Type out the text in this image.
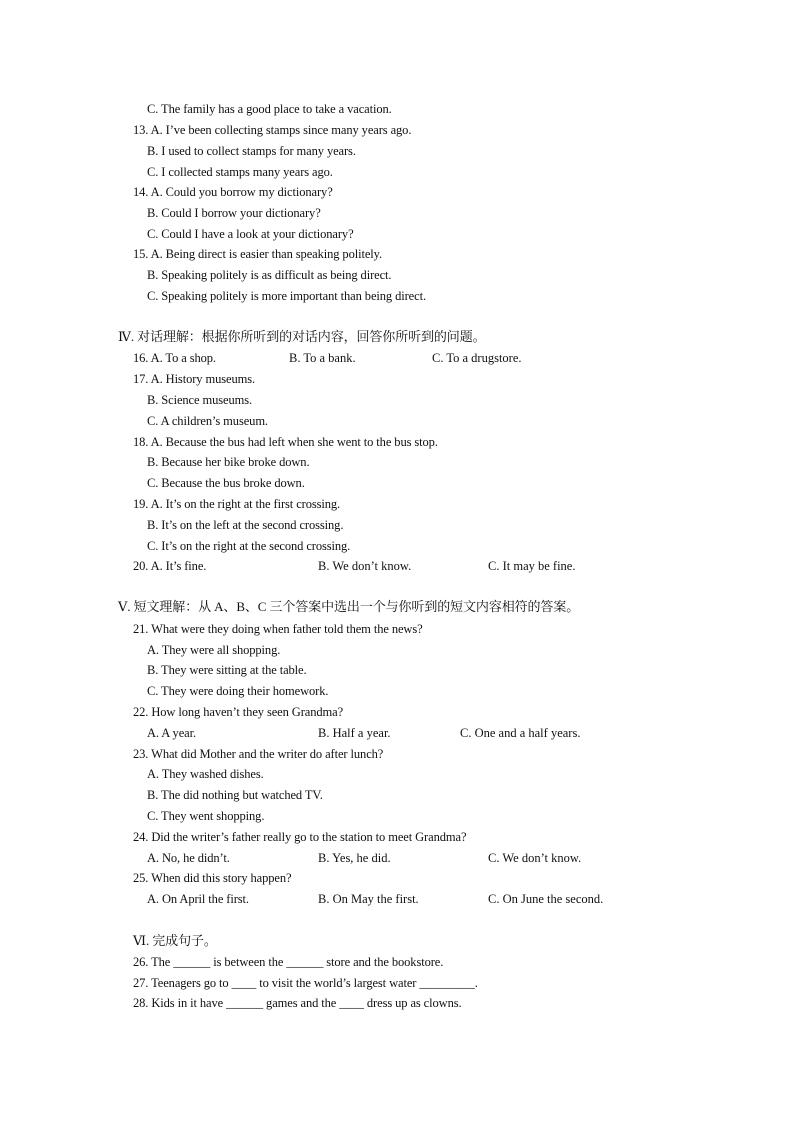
C. The family has a good place to take a vacation.
13. A. I’ve been collecting stamps since many years ago.
B. I used to collect stamps for many years.
C. I collected stamps many years ago.
14. A. Could you borrow my dictionary?
B. Could I borrow your dictionary?
C. Could I have a look at your dictionary?
15. A. Being direct is easier than speaking politely.
B. Speaking politely is as difficult as being direct.
C. Speaking politely is more important than being direct.
Ⅳ. 对话理解：根据你所听到的对话内容，回答你所听到的问题。
16. A. To a shop.	B. To a bank.	C. To a drugstore.
17. A. History museums.
B. Science museums.
C. A children’s museum.
18. A. Because the bus had left when she went to the bus stop.
B. Because her bike broke down.
C. Because the bus broke down.
19. A. It’s on the right at the first crossing.
B. It’s on the left at the second crossing.
C. It’s on the right at the second crossing.
20. A. It’s fine.	B. We don’t know.	C. It may be fine.
Ⅴ. 短文理解：从 A、B、C 三个答案中选出一个与你听到的短文内容相符的答案。
21. What were they doing when father told them the news?
A. They were all shopping.
B. They were sitting at the table.
C. They were doing their homework.
22. How long haven’t they seen Grandma?
A. A year.	B. Half a year.	C. One and a half years.
23. What did Mother and the writer do after lunch?
A. They washed dishes.
B. The did nothing but watched TV.
C. They went shopping.
24. Did the writer’s father really go to the station to meet Grandma?
A. No, he didn’t.	B. Yes, he did.	C. We don’t know.
25. When did this story happen?
A. On April the first.	B. On May the first.	C. On June the second.
Ⅵ. 完成句子。
26. The ______ is between the ______ store and the bookstore.
27. Teenagers go to ____ to visit the world’s largest water _________.
28. Kids in it have ______ games and the ____ dress up as clowns.
